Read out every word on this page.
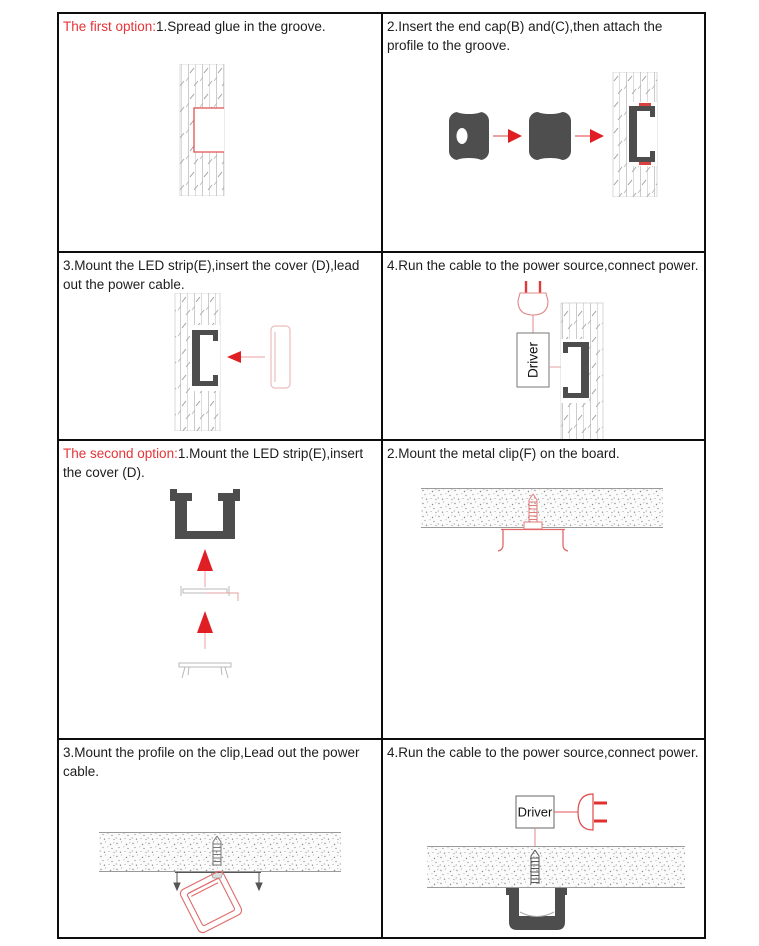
The first option:1.Spread glue in the groove.	2.Insert the end cap(B) and(C),then attach the profile to the groove.

3.Mount the LED strip(E),insert the cover (D),lead out the power cable.

4.Run the cable to the power source,connect power.

Driver

The second option:1.Mount the LED strip(E),insert the cover (D).

2.Mount the metal clip(F) on the board.

3.Mount the profile on the clip,Lead out the power cable.

4.Run the cable to the power source,connect power.

Driver
